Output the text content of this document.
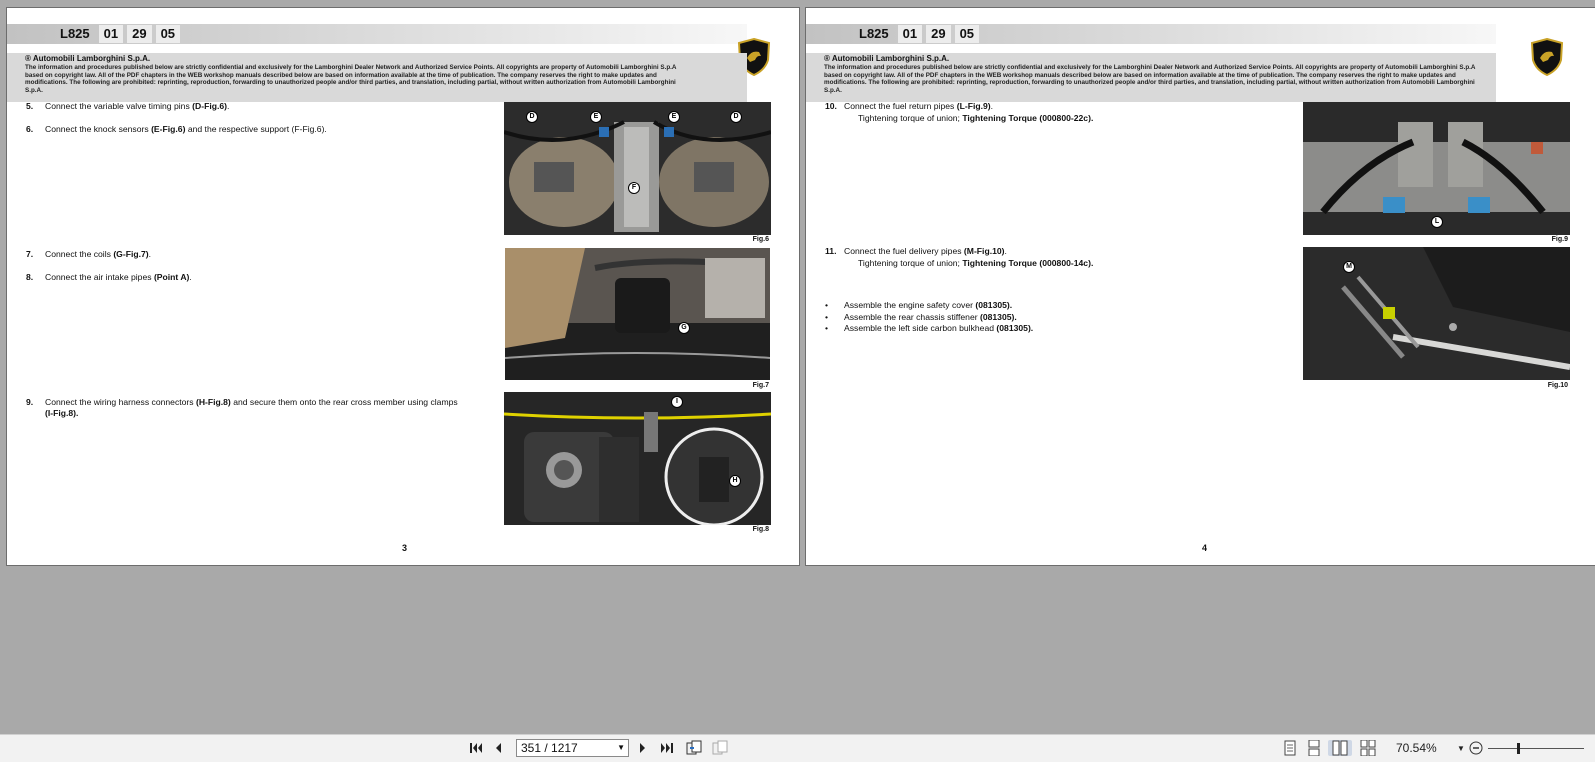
L825	01	29	05
® Automobili Lamborghini S.p.A.
The information and procedures published below are strictly confidential and exclusively for the Lamborghini Dealer Network and Authorized Service Points. All copyrights are property of Automobili Lamborghini S.p.A based on copyright law. All of the PDF chapters in the WEB workshop manuals described below are based on information available at the time of publication. The company reserves the right to make updates and modifications. The following are prohibited: reprinting, reproduction, forwarding to unauthorized people and/or third parties, and translation, including partial, without written authorization from Automobili Lamborghini S.p.A.
5. Connect the variable valve timing pins (D-Fig.6).
6. Connect the knock sensors (E-Fig.6) and the respective support (F-Fig.6).
7. Connect the coils (G-Fig.7).
8. Connect the air intake pipes (Point A).
9. Connect the wiring harness connectors (H-Fig.8) and secure them onto the rear cross member using clamps
(I-Fig.8).
D	E	E	D
F
Fig.6
G
Fig.7
I
H
Fig.8
3
L825	01	29	05
® Automobili Lamborghini S.p.A.
The information and procedures published below are strictly confidential and exclusively for the Lamborghini Dealer Network and Authorized Service Points. All copyrights are property of Automobili Lamborghini S.p.A based on copyright law. All of the PDF chapters in the WEB workshop manuals described below are based on information available at the time of publication. The company reserves the right to make updates and modifications. The following are prohibited: reprinting, reproduction, forwarding to unauthorized people and/or third parties, and translation, including partial, without written authorization from Automobili Lamborghini S.p.A.
10. Connect the fuel return pipes (L-Fig.9).
Tightening torque of union; Tightening Torque (000800-22c).
11. Connect the fuel delivery pipes (M-Fig.10).
Tightening torque of union; Tightening Torque (000800-14c).
•	Assemble the engine safety cover
(081305).
•	Assemble the rear chassis stiffener
(081305).
•	Assemble the left side carbon bulkhead
(081305).
L
Fig.9
M
Fig.10
4
351 / 1217	▼	70.54%	▼
